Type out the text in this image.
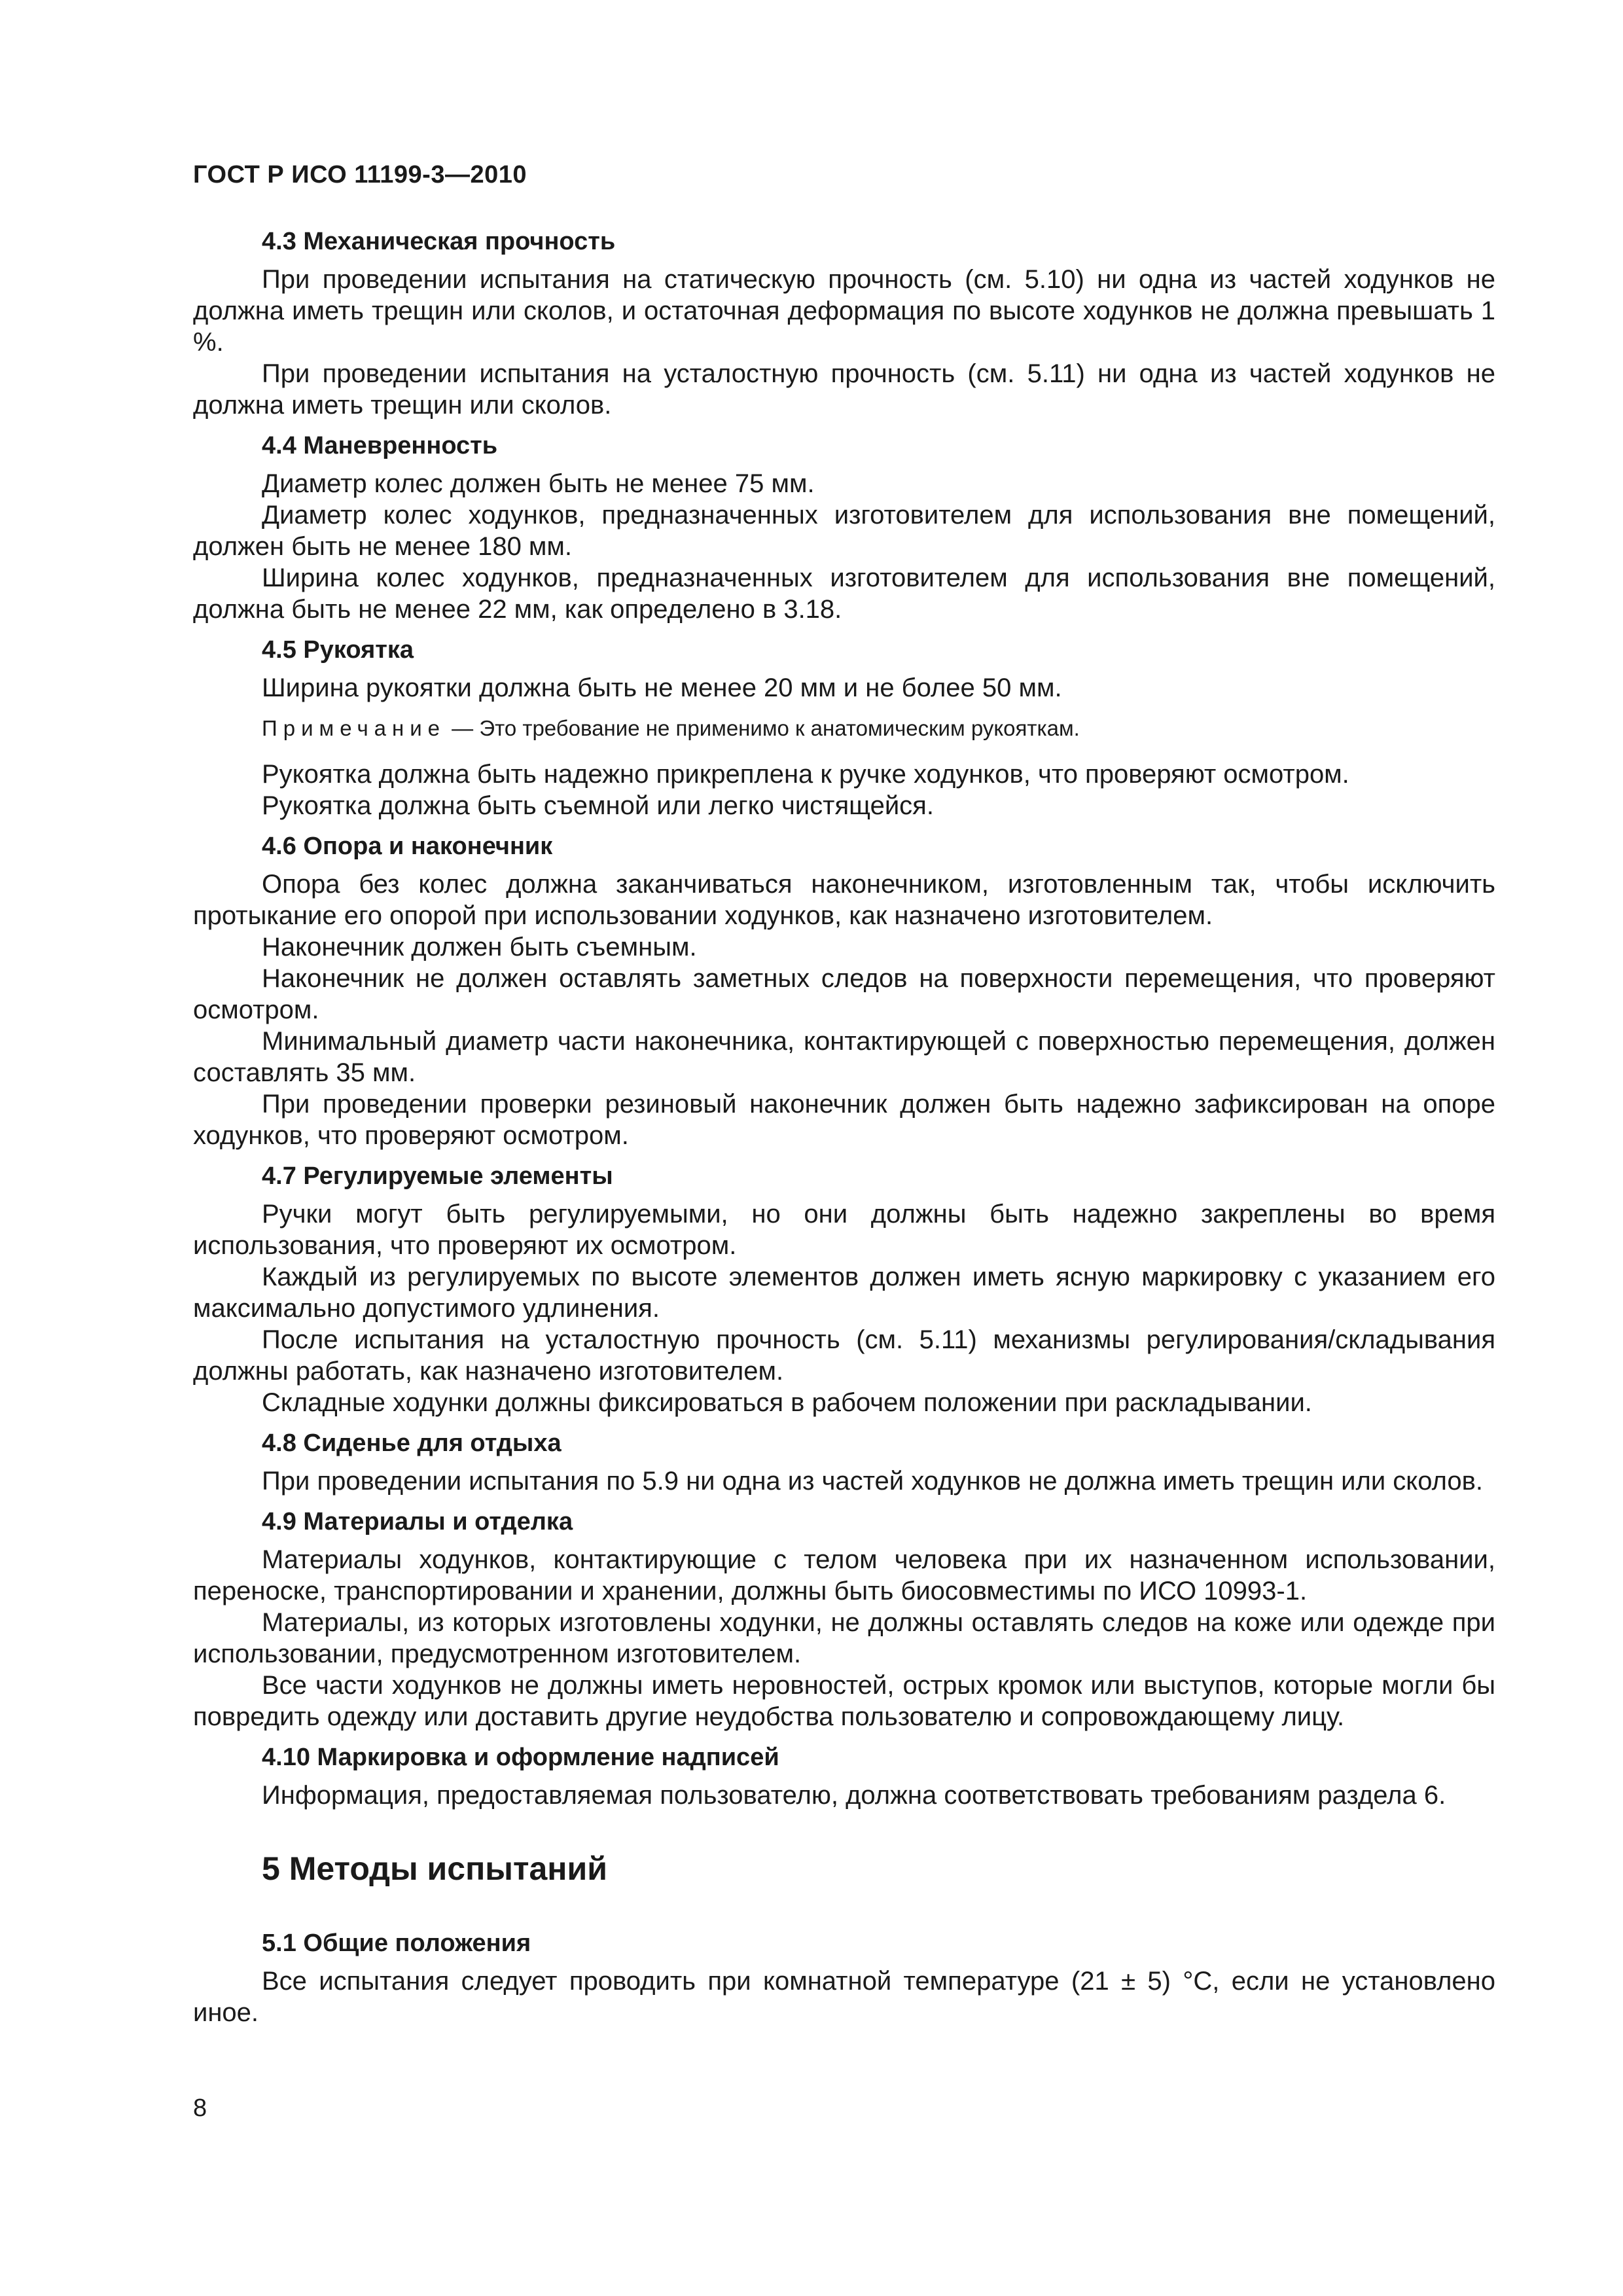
ГОСТ Р ИСО 11199-3—2010
4.3 Механическая прочность

При проведении испытания на статическую прочность (см. 5.10) ни одна из частей ходунков не должна иметь трещин или сколов, и остаточная деформация по высоте ходунков не должна превышать 1 %.

При проведении испытания на усталостную прочность (см. 5.11) ни одна из частей ходунков не должна иметь трещин или сколов.

4.4 Маневренность

Диаметр колес должен быть не менее 75 мм.

Диаметр колес ходунков, предназначенных изготовителем для использования вне помещений, должен быть не менее 180 мм.

Ширина колес ходунков, предназначенных изготовителем для использования вне помещений, должна быть не менее 22 мм, как определено в 3.18.

4.5 Рукоятка

Ширина рукоятки должна быть не менее 20 мм и не более 50 мм.

Примечание — Это требование не применимо к анатомическим рукояткам.

Рукоятка должна быть надежно прикреплена к ручке ходунков, что проверяют осмотром.

Рукоятка должна быть съемной или легко чистящейся.

4.6 Опора и наконечник

Опора без колес должна заканчиваться наконечником, изготовленным так, чтобы исключить протыкание его опорой при использовании ходунков, как назначено изготовителем.

Наконечник должен быть съемным.

Наконечник не должен оставлять заметных следов на поверхности перемещения, что проверяют осмотром.

Минимальный диаметр части наконечника, контактирующей с поверхностью перемещения, должен составлять 35 мм.

При проведении проверки резиновый наконечник должен быть надежно зафиксирован на опоре ходунков, что проверяют осмотром.

4.7 Регулируемые элементы

Ручки могут быть регулируемыми, но они должны быть надежно закреплены во время использования, что проверяют их осмотром.

Каждый из регулируемых по высоте элементов должен иметь ясную маркировку с указанием его максимально допустимого удлинения.

После испытания на усталостную прочность (см. 5.11) механизмы регулирования/складывания должны работать, как назначено изготовителем.

Складные ходунки должны фиксироваться в рабочем положении при раскладывании.

4.8 Сиденье для отдыха

При проведении испытания по 5.9 ни одна из частей ходунков не должна иметь трещин или сколов.

4.9 Материалы и отделка

Материалы ходунков, контактирующие с телом человека при их назначенном использовании, переноске, транспортировании и хранении, должны быть биосовместимы по ИСО 10993-1.

Материалы, из которых изготовлены ходунки, не должны оставлять следов на коже или одежде при использовании, предусмотренном изготовителем.

Все части ходунков не должны иметь неровностей, острых кромок или выступов, которые могли бы повредить одежду или доставить другие неудобства пользователю и сопровождающему лицу.

4.10 Маркировка и оформление надписей

Информация, предоставляемая пользователю, должна соответствовать требованиям раздела 6.

5 Методы испытаний
5.1 Общие положения

Все испытания следует проводить при комнатной температуре (21 ± 5) °С, если не установлено иное.

8
